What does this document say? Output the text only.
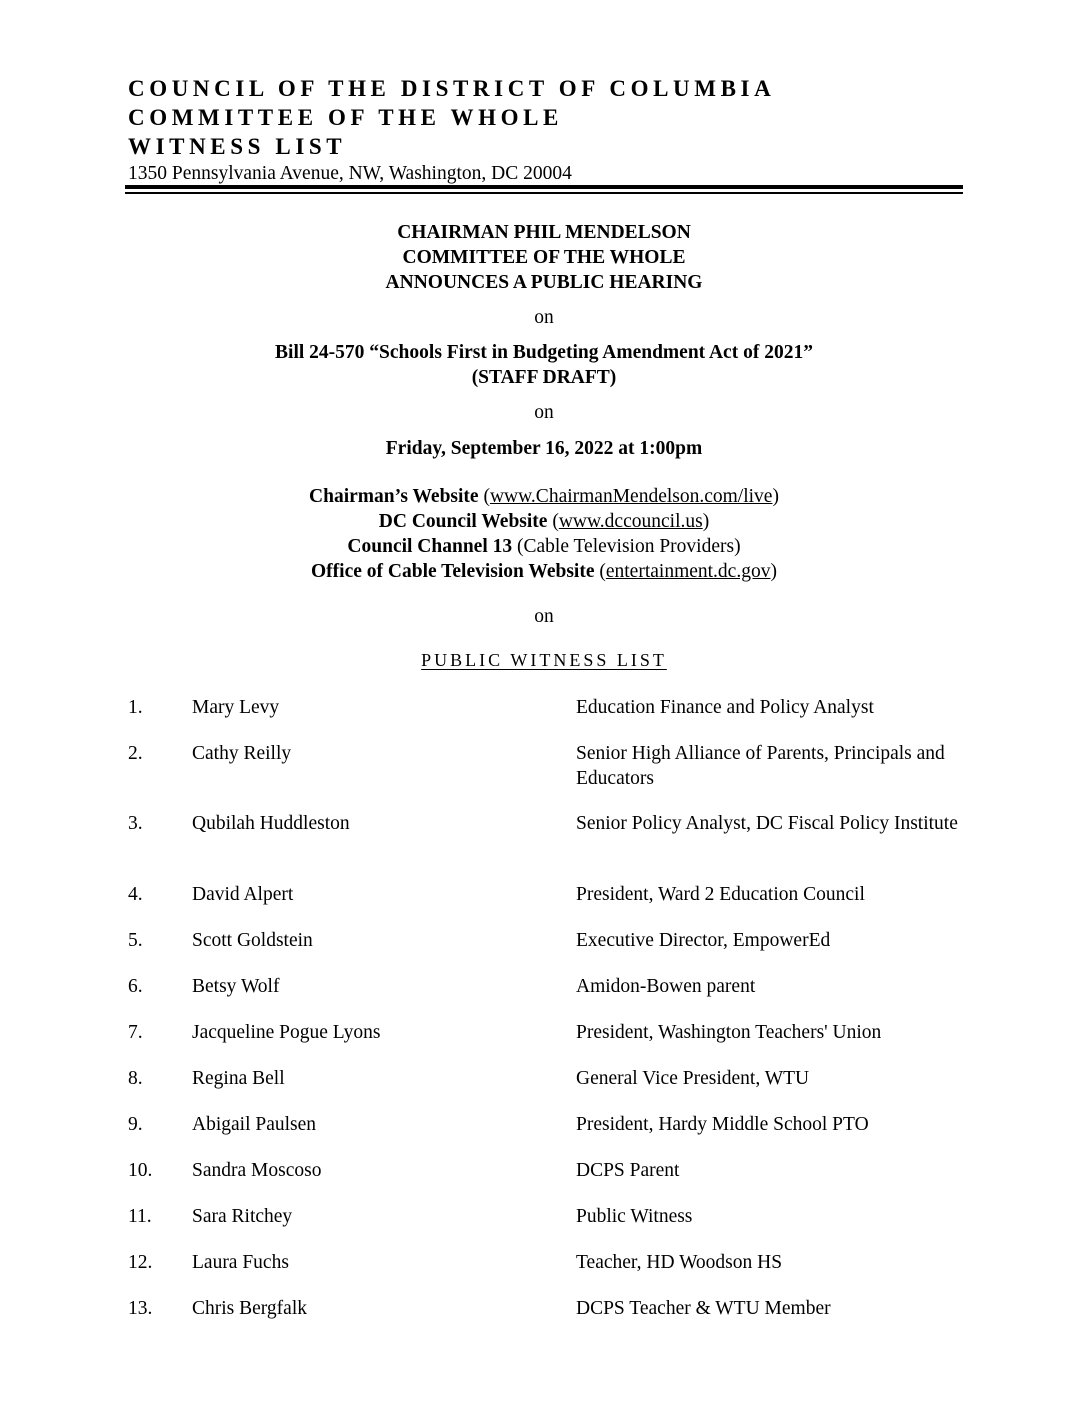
COUNCIL OF THE DISTRICT OF COLUMBIA
COMMITTEE OF THE WHOLE
WITNESS LIST
1350 Pennsylvania Avenue, NW, Washington, DC 20004
CHAIRMAN PHIL MENDELSON
COMMITTEE OF THE WHOLE
ANNOUNCES A PUBLIC HEARING
on
Bill 24-570 “Schools First in Budgeting Amendment Act of 2021”
(STAFF DRAFT)
on
Friday, September 16, 2022 at 1:00pm
Chairman’s Website (www.ChairmanMendelson.com/live)
DC Council Website (www.dccouncil.us)
Council Channel 13 (Cable Television Providers)
Office of Cable Television Website (entertainment.dc.gov)
on
PUBLIC WITNESS LIST
1.	Mary Levy	Education Finance and Policy Analyst
2.	Cathy Reilly	Senior High Alliance of Parents, Principals and Educators
3.	Qubilah Huddleston	Senior Policy Analyst, DC Fiscal Policy Institute
4.	David Alpert	President, Ward 2 Education Council
5.	Scott Goldstein	Executive Director, EmpowerEd
6.	Betsy Wolf	Amidon-Bowen parent
7.	Jacqueline Pogue Lyons	President, Washington Teachers' Union
8.	Regina Bell	General Vice President, WTU
9.	Abigail Paulsen	President, Hardy Middle School PTO
10. Sandra Moscoso	DCPS Parent
11. Sara Ritchey	Public Witness
12. Laura Fuchs	Teacher, HD Woodson HS
13. Chris Bergfalk	DCPS Teacher & WTU Member
